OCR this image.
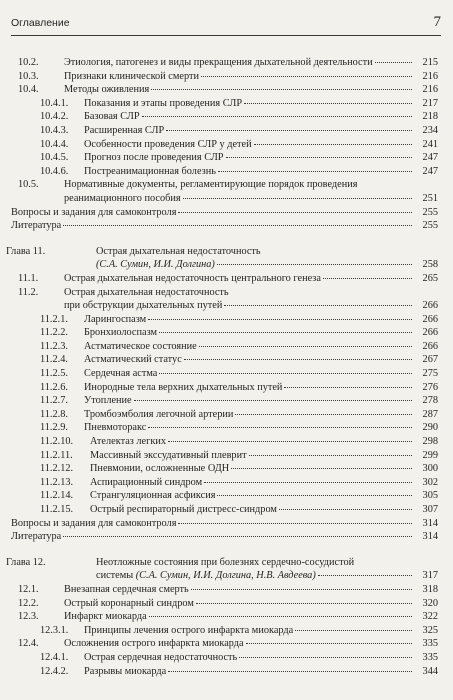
Оглавление	7
10.2.	Этиология, патогенез и виды прекращения дыхательной деятельности	215
10.3.	Признаки клинической смерти	216
10.4.	Методы оживления	216
10.4.1.	Показания и этапы проведения СЛР	217
10.4.2.	Базовая СЛР	218
10.4.3.	Расширенная СЛР	234
10.4.4.	Особенности проведения СЛР у детей	241
10.4.5.	Прогноз после проведения СЛР	247
10.4.6.	Постреанимационная болезнь	247
10.5.	Нормативные документы, регламентирующие порядок проведения
реанимационного пособия	251
Вопросы и задания для самоконтроля	255
Литература	255
Глава 11.	Острая дыхательная недостаточность
(С.А. Сумин, И.И. Долгина)	258
11.1.	Острая дыхательная недостаточность центрального генеза	265
11.2.	Острая дыхательная недостаточность
при обструкции дыхательных путей	266
11.2.1.	Ларингоспазм	266
11.2.2.	Бронхиолоспазм	266
11.2.3.	Астматическое состояние	266
11.2.4.	Астматический статус	267
11.2.5.	Сердечная астма	275
11.2.6.	Инородные тела верхних дыхательных путей	276
11.2.7.	Утопление	278
11.2.8.	Тромбоэмболия легочной артерии	287
11.2.9.	Пневмоторакс	290
11.2.10.	Ателектаз легких	298
11.2.11.	Массивный экссудативный плеврит	299
11.2.12.	Пневмонии, осложненные ОДН	300
11.2.13.	Аспирационный синдром	302
11.2.14.	Странгуляционная асфиксия	305
11.2.15.	Острый респираторный дистресс-синдром	307
Вопросы и задания для самоконтроля	314
Литература	314
Глава 12.	Неотложные состояния при болезнях сердечно-сосудистой
системы (С.А. Сумин, И.И. Долгина, Н.В. Авдеева)	317
12.1.	Внезапная сердечная смерть	318
12.2.	Острый коронарный синдром	320
12.3.	Инфаркт миокарда	322
12.3.1.	Принципы лечения острого инфаркта миокарда	325
12.4.	Осложнения острого инфаркта миокарда	335
12.4.1.	Острая сердечная недостаточность	335
12.4.2.	Разрывы миокарда	344
